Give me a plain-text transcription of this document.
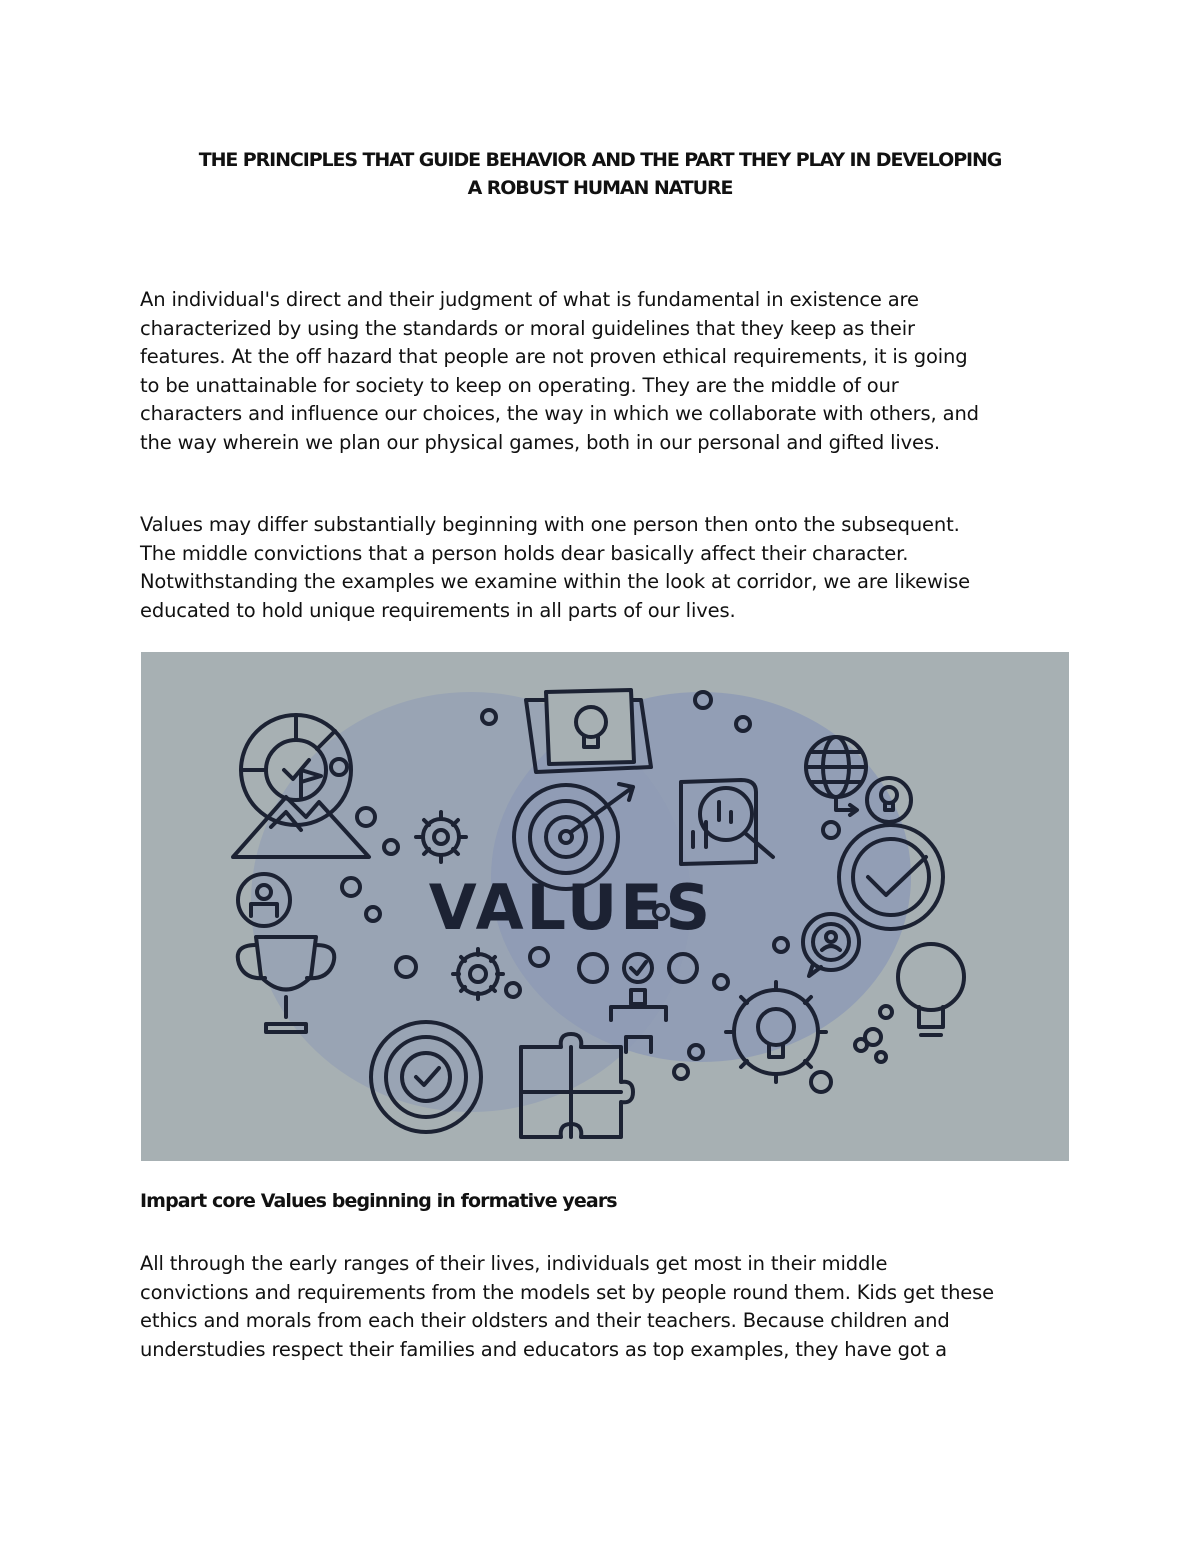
THE PRINCIPLES THAT GUIDE BEHAVIOR AND THE PART THEY PLAY IN DEVELOPING
A ROBUST HUMAN NATURE

An individual's direct and their judgment of what is fundamental in existence are
characterized by using the standards or moral guidelines that they keep as their
features. At the off hazard that people are not proven ethical requirements, it is going
to be unattainable for society to keep on operating. They are the middle of our
characters and influence our choices, the way in which we collaborate with others, and
the way wherein we plan our physical games, both in our personal and gifted lives.

Values may differ substantially beginning with one person then onto the subsequent.
The middle convictions that a person holds dear basically affect their character.
Notwithstanding the examples we examine within the look at corridor, we are likewise
educated to hold unique requirements in all parts of our lives.

VALUES
Impart core Values beginning in formative years

All through the early ranges of their lives, individuals get most in their middle
convictions and requirements from the models set by people round them. Kids get these
ethics and morals from each their oldsters and their teachers. Because children and
understudies respect their families and educators as top examples, they have got a
